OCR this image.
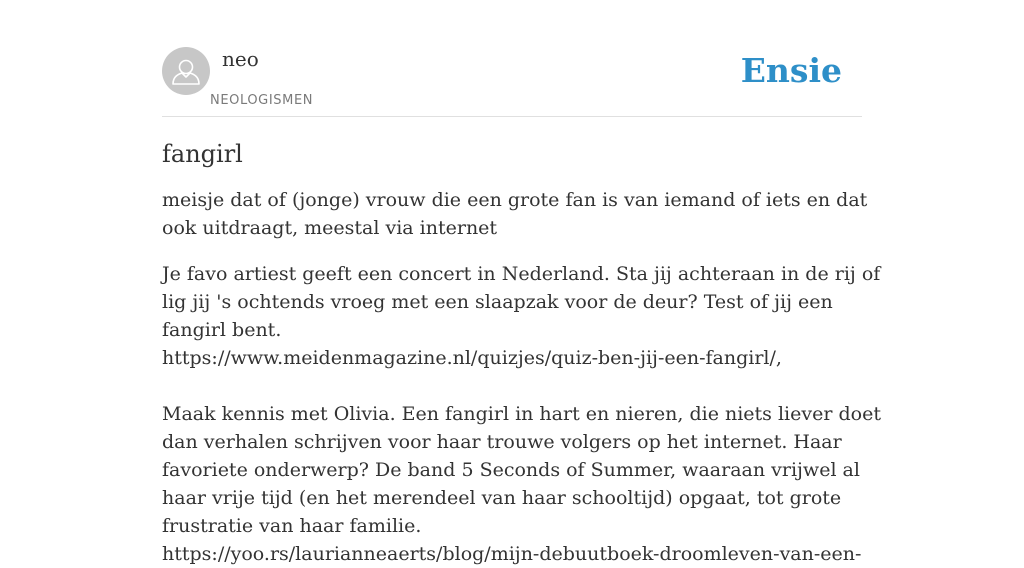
neo
NEOLOGISMEN
Ensie
fangirl

meisje dat of (jonge) vrouw die een grote fan is van iemand of iets en dat ook uitdraagt, meestal via internet

Je favo artiest geeft een concert in Nederland. Sta jij achteraan in de rij of lig jij 's ochtends vroeg met een slaapzak voor de deur? Test of jij een fangirl bent.
https://www.meidenmagazine.nl/quizjes/quiz-ben-jij-een-fangirl/,

Maak kennis met Olivia. Een fangirl in hart en nieren, die niets liever doet dan verhalen schrijven voor haar trouwe volgers op het internet. Haar favoriete onderwerp? De band 5 Seconds of Summer, waaraan vrijwel al haar vrije tijd (en het merendeel van haar schooltijd) opgaat, tot grote frustratie van haar familie.
https://yoo.rs/laurianneaerts/blog/mijn-debuutboek-droomleven-van-een-
